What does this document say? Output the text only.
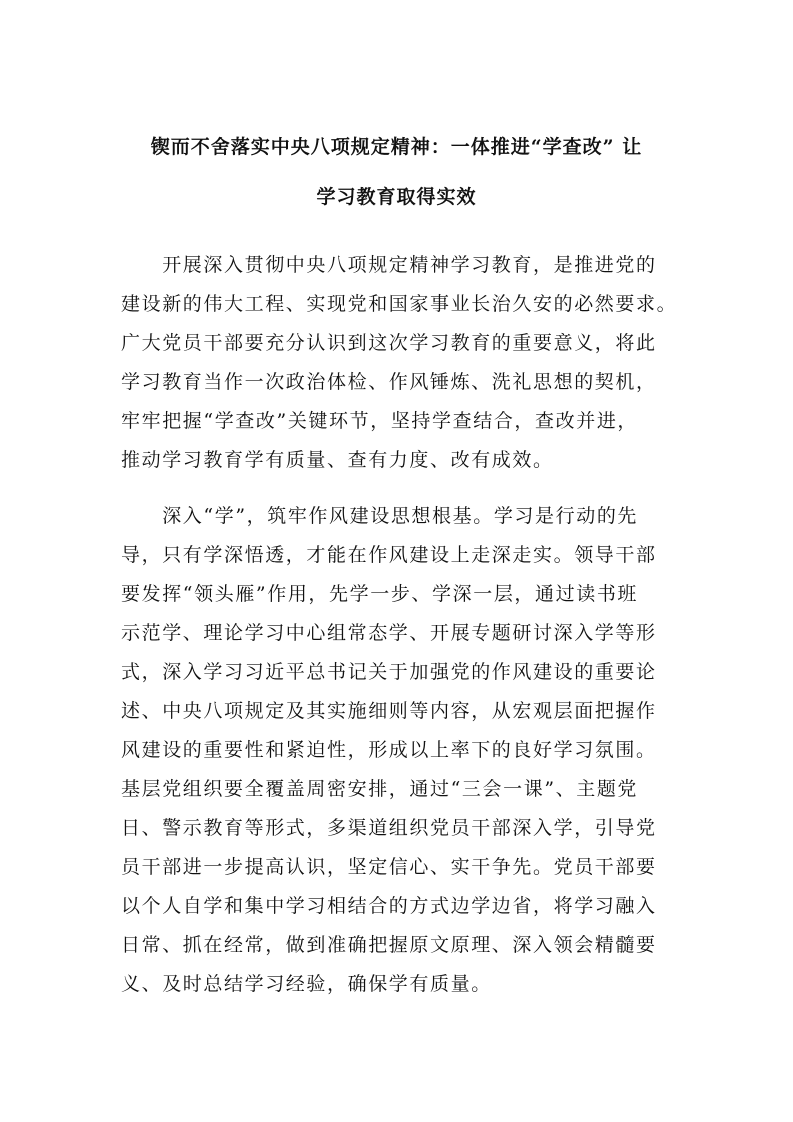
锲而不舍落实中央八项规定精神：一体推进“学查改” 让
学习教育取得实效
　　开展深入贯彻中央八项规定精神学习教育，是推进党的
建设新的伟大工程、实现党和国家事业长治久安的必然要求。
广大党员干部要充分认识到这次学习教育的重要意义，将此
学习教育当作一次政治体检、作风锤炼、洗礼思想的契机，
牢牢把握“学查改”关键环节，坚持学查结合，查改并进，
推动学习教育学有质量、查有力度、改有成效。
　　深入“学”，筑牢作风建设思想根基。学习是行动的先
导，只有学深悟透，才能在作风建设上走深走实。领导干部
要发挥“领头雁”作用，先学一步、学深一层，通过读书班
示范学、理论学习中心组常态学、开展专题研讨深入学等形
式，深入学习习近平总书记关于加强党的作风建设的重要论
述、中央八项规定及其实施细则等内容，从宏观层面把握作
风建设的重要性和紧迫性，形成以上率下的良好学习氛围。
基层党组织要全覆盖周密安排，通过“三会一课”、主题党
日、警示教育等形式，多渠道组织党员干部深入学，引导党
员干部进一步提高认识，坚定信心、实干争先。党员干部要
以个人自学和集中学习相结合的方式边学边省，将学习融入
日常、抓在经常，做到准确把握原文原理、深入领会精髓要
义、及时总结学习经验，确保学有质量。
